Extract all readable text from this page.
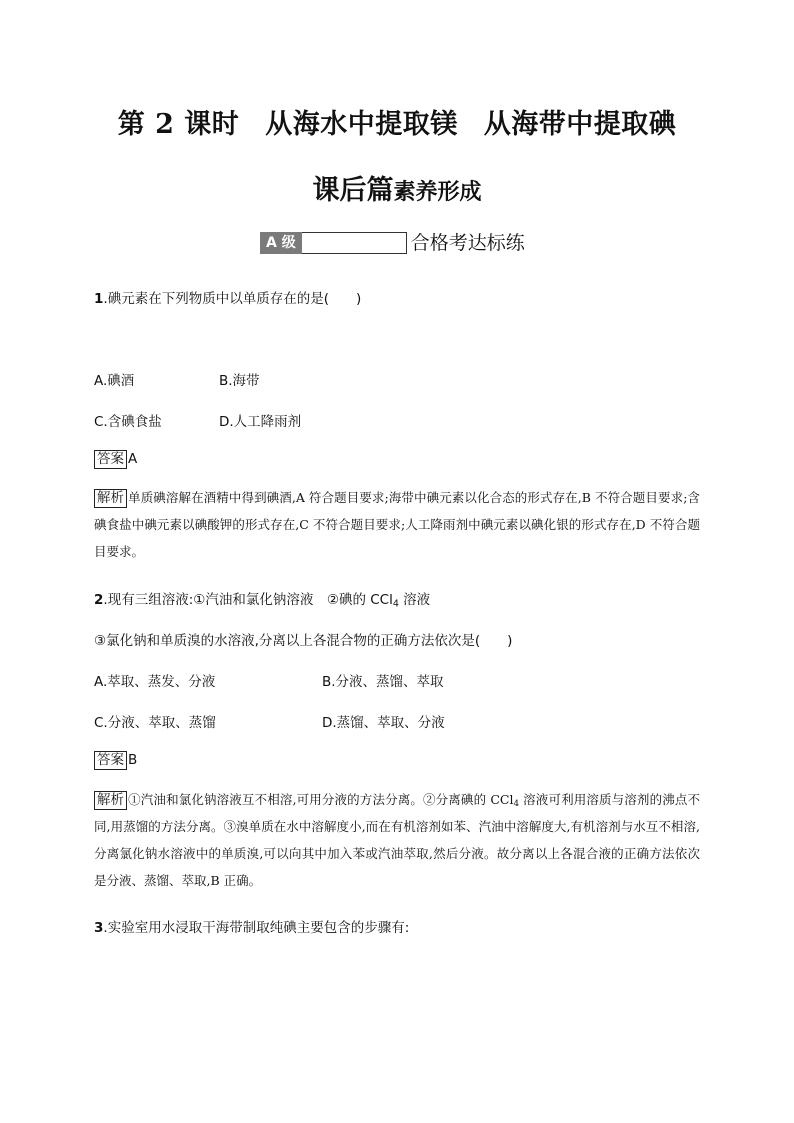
第 2 课时 从海水中提取镁 从海带中提取碘
课后篇素养形成
A 级	合格考达标练
1.碘元素在下列物质中以单质存在的是(　　)
A.碘酒	B.海带
C.含碘食盐	D.人工降雨剂
答案 A
解析 单质碘溶解在酒精中得到碘酒,A 符合题目要求;海带中碘元素以化合态的形式存在,B 不符合题目要求;含碘食盐中碘元素以碘酸钾的形式存在,C 不符合题目要求;人工降雨剂中碘元素以碘化银的形式存在,D 不符合题目要求。
2.现有三组溶液:①汽油和氯化钠溶液　②碘的 CCl$_4$ 溶液
③氯化钠和单质溴的水溶液,分离以上各混合物的正确方法依次是(　　)
A.萃取、蒸发、分液	B.分液、蒸馏、萃取
C.分液、萃取、蒸馏	D.蒸馏、萃取、分液
答案 B
解析 ①汽油和氯化钠溶液互不相溶,可用分液的方法分离。②分离碘的 CCl$_4$ 溶液可利用溶质与溶剂的沸点不同,用蒸馏的方法分离。③溴单质在水中溶解度小,而在有机溶剂如苯、汽油中溶解度大,有机溶剂与水互不相溶,分离氯化钠水溶液中的单质溴,可以向其中加入苯或汽油萃取,然后分液。故分离以上各混合液的正确方法依次是分液、蒸馏、萃取,B 正确。
3.实验室用水浸取干海带制取纯碘主要包含的步骤有:
